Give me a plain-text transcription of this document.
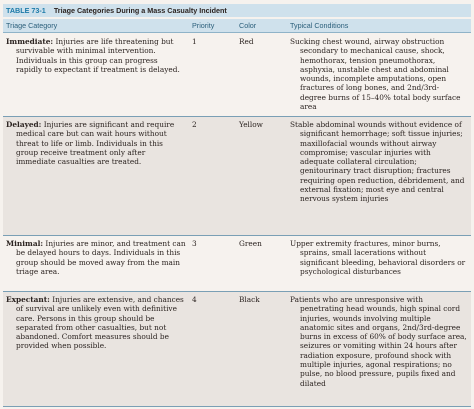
TABLE 73-1 Triage Categories During a Mass Casualty Incident
Triage Category	Priority	Color	Typical Conditions
Immediate: Injuries are life threatening but
survivable with minimal intervention.
Individuals in this group can progress
rapidly to expectant if treatment is delayed.
1	Red	Sucking chest wound, airway obstruction
secondary to mechanical cause, shock,
hemothorax, tension pneumothorax,
asphyxia, unstable chest and abdominal
wounds, incomplete amputations, open
fractures of long bones, and 2nd/3rd-
degree burns of 15–40% total body surface
area
Delayed: Injuries are significant and require
medical care but can wait hours without
threat to life or limb. Individuals in this
group receive treatment only after
immediate casualties are treated.
2	Yellow	Stable abdominal wounds without evidence of
significant hemorrhage; soft tissue injuries;
maxillofacial wounds without airway
compromise; vascular injuries with
adequate collateral circulation;
genitourinary tract disruption; fractures
requiring open reduction, débridement, and
external fixation; most eye and central
nervous system injuries
Minimal: Injuries are minor, and treatment can
be delayed hours to days. Individuals in this
group should be moved away from the main
triage area.
3	Green	Upper extremity fractures, minor burns,
sprains, small lacerations without
significant bleeding, behavioral disorders or
psychological disturbances
Expectant: Injuries are extensive, and chances
of survival are unlikely even with definitive
care. Persons in this group should be
separated from other casualties, but not
abandoned. Comfort measures should be
provided when possible.
4	Black	Patients who are unresponsive with
penetrating head wounds, high spinal cord
injuries, wounds involving multiple
anatomic sites and organs, 2nd/3rd-degree
burns in excess of 60% of body surface area,
seizures or vomiting within 24 hours after
radiation exposure, profound shock with
multiple injuries, agonal respirations; no
pulse, no blood pressure, pupils fixed and
dilated
